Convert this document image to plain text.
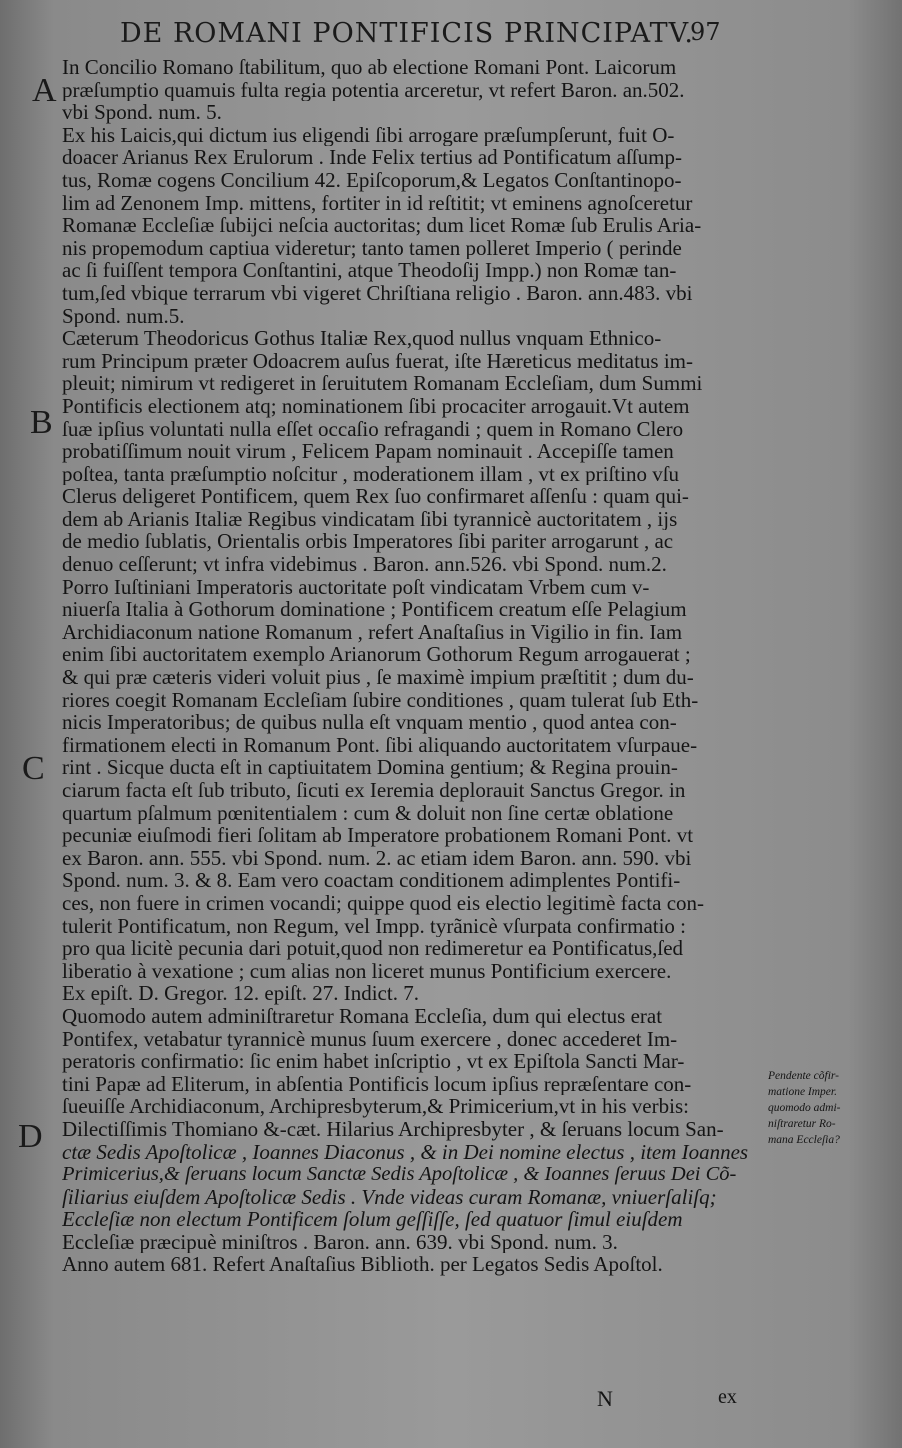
DE ROMANI PONTIFICIS PRINCIPATV.
97
A
B
C
D
In Concilio Romano ſtabilitum, quo ab electione Romani Pont. Laicorum
præſumptio quamuis fulta regia potentia arceretur, vt refert Baron. an.502.
vbi Spond. num. 5.
Ex his Laicis,qui dictum ius eligendi ſibi arrogare præſumpſerunt, fuit O-
doacer Arianus Rex Erulorum . Inde Felix tertius ad Pontificatum aſſump-
tus, Romæ cogens Concilium 42. Epiſcoporum,& Legatos Conſtantinopo-
lim ad Zenonem Imp. mittens, fortiter in id reſtitit; vt eminens agnoſceretur
Romanæ Eccleſiæ ſubijci neſcia auctoritas; dum licet Romæ ſub Erulis Aria-
nis propemodum captiua videretur; tanto tamen polleret Imperio ( perinde
ac ſi fuiſſent tempora Conſtantini, atque Theodoſij Impp.) non Romæ tan-
tum,ſed vbique terrarum vbi vigeret Chriſtiana religio . Baron. ann.483. vbi
Spond. num.5.
Cæterum Theodoricus Gothus Italiæ Rex,quod nullus vnquam Ethnico-
rum Principum præter Odoacrem auſus fuerat, iſte Hæreticus meditatus im-
pleuit; nimirum vt redigeret in ſeruitutem Romanam Eccleſiam, dum Summi
Pontificis electionem atq; nominationem ſibi procaciter arrogauit.Vt autem
ſuæ ipſius voluntati nulla eſſet occaſio refragandi ; quem in Romano Clero
probatiſſimum nouit virum , Felicem Papam nominauit . Accepiſſe tamen
poſtea, tanta præſumptio noſcitur , moderationem illam , vt ex priſtino vſu
Clerus deligeret Pontificem, quem Rex ſuo confirmaret aſſenſu : quam qui-
dem ab Arianis Italiæ Regibus vindicatam ſibi tyrannicè auctoritatem , ijs
de medio ſublatis, Orientalis orbis Imperatores ſibi pariter arrogarunt , ac
denuo ceſſerunt; vt infra videbimus . Baron. ann.526. vbi Spond. num.2.
Porro Iuſtiniani Imperatoris auctoritate poſt vindicatam Vrbem cum v-
niuerſa Italia à Gothorum dominatione ; Pontificem creatum eſſe Pelagium
Archidiaconum natione Romanum , refert Anaſtaſius in Vigilio in fin. Iam
enim ſibi auctoritatem exemplo Arianorum Gothorum Regum arrogauerat ;
& qui præ cæteris videri voluit pius , ſe maximè impium præſtitit ; dum du-
riores coegit Romanam Eccleſiam ſubire conditiones , quam tulerat ſub Eth-
nicis Imperatoribus; de quibus nulla eſt vnquam mentio , quod antea con-
firmationem electi in Romanum Pont. ſibi aliquando auctoritatem vſurpaue-
rint . Sicque ducta eſt in captiuitatem Domina gentium; & Regina prouin-
ciarum facta eſt ſub tributo, ſicuti ex Ieremia deplorauit Sanctus Gregor. in
quartum pſalmum pœnitentialem : cum & doluit non ſine certæ oblatione
pecuniæ eiuſmodi fieri ſolitam ab Imperatore probationem Romani Pont. vt
ex Baron. ann. 555. vbi Spond. num. 2. ac etiam idem Baron. ann. 590. vbi
Spond. num. 3. & 8. Eam vero coactam conditionem adimplentes Pontifi-
ces, non fuere in crimen vocandi; quippe quod eis electio legitimè facta con-
tulerit Pontificatum, non Regum, vel Impp. tyrãnicè vſurpata confirmatio :
pro qua licitè pecunia dari potuit,quod non redimeretur ea Pontificatus,ſed
liberatio à vexatione ; cum alias non liceret munus Pontificium exercere.
Ex epiſt. D. Gregor. 12. epiſt. 27. Indict. 7.
Quomodo autem adminiſtraretur Romana Eccleſia, dum qui electus erat
Pontifex, vetabatur tyrannicè munus ſuum exercere , donec accederet Im-
peratoris confirmatio: ſic enim habet inſcriptio , vt ex Epiſtola Sancti Mar-
tini Papæ ad Eliterum, in abſentia Pontificis locum ipſius repræſentare con-
ſueuiſſe Archidiaconum, Archipresbyterum,& Primicerium,vt in his verbis:
Dilectiſſimis Thomiano &-cæt. Hilarius Archipresbyter , & ſeruans locum San-
ctæ Sedis Apoſtolicæ , Ioannes Diaconus , & in Dei nomine electus , item Ioannes
Primicerius,& ſeruans locum Sanctæ Sedis Apoſtolicæ , & Ioannes ſeruus Dei Cõ-
ſiliarius eiuſdem Apoſtolicæ Sedis . Vnde videas curam Romanæ, vniuerſaliſq;
Eccleſiæ non electum Pontificem ſolum geſſiſſe, ſed quatuor ſimul eiuſdem
Eccleſiæ præcipuè miniſtros . Baron. ann. 639. vbi Spond. num. 3.
Anno autem 681. Refert Anaſtaſius Biblioth. per Legatos Sedis Apoſtol.
Pendente cõfir-
matione Imper.
quomodo admi-
niſtraretur Ro-
mana Eccleſia?
N	ex
